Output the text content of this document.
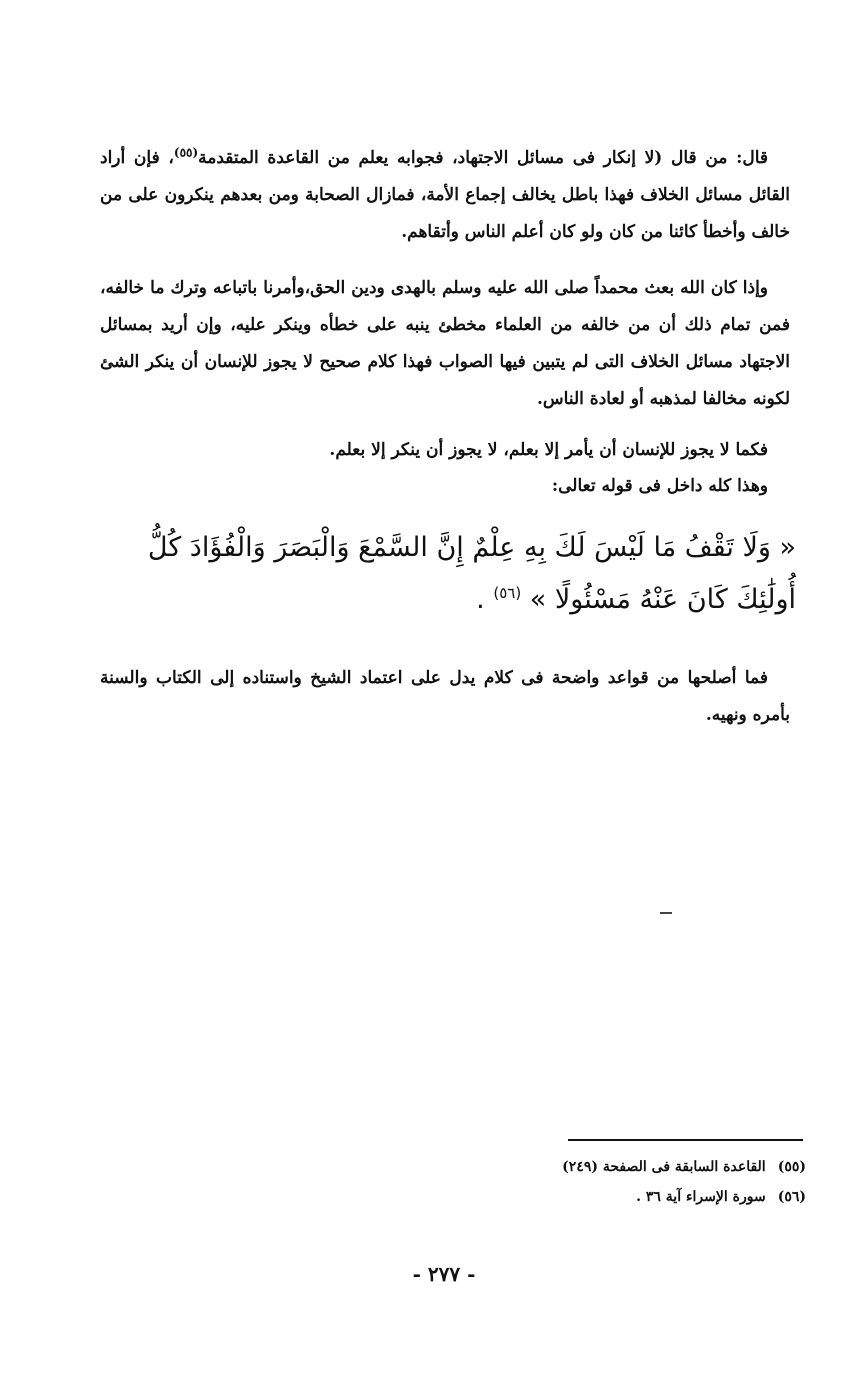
قال: من قال (لا إنكار فى مسائل الاجتهاد، فجوابه يعلم من القاعدة المتقدمة$^{(٥٥)}$، فإن أراد القائل مسائل الخلاف فهذا باطل يخالف إجماع الأمة، فمازال الصحابة ومن بعدهم ينكرون على من خالف وأخطأ كائنا من كان ولو كان أعلم الناس وأتقاهم.

وإذا كان الله بعث محمداً صلى الله عليه وسلم بالهدى ودين الحق،وأمرنا باتباعه وترك ما خالفه، فمن تمام ذلك أن من خالفه من العلماء مخطئ ينبه على خطأه وينكر عليه، وإن أريد بمسائل الاجتهاد مسائل الخلاف التى لم يتبين فيها الصواب فهذا كلام صحيح لا يجوز للإنسان أن ينكر الشئ لكونه مخالفا لمذهبه أو لعادة الناس.

فكما لا يجوز للإنسان أن يأمر إلا بعلم، لا يجوز أن ينكر إلا بعلم.

وهذا كله داخل فى قوله تعالى:

« وَلَا تَقْفُ مَا لَيْسَ لَكَ بِهِ عِلْمٌ إِنَّ السَّمْعَ وَالْبَصَرَ وَالْفُؤَادَ كُلُّ أُولَٰئِكَ كَانَ عَنْهُ مَسْئُولًا » $^{(٥٦)}$ .

فما أصلحها من قواعد واضحة فى كلام يدل على اعتماد الشيخ واستناده إلى الكتاب والسنة بأمره ونهيه.

(٥٥)القاعدة السابقة فى الصفحة (٢٤٩)

(٥٦)سورة الإسراء آية ٣٦ .

- ٢٧٧ -
